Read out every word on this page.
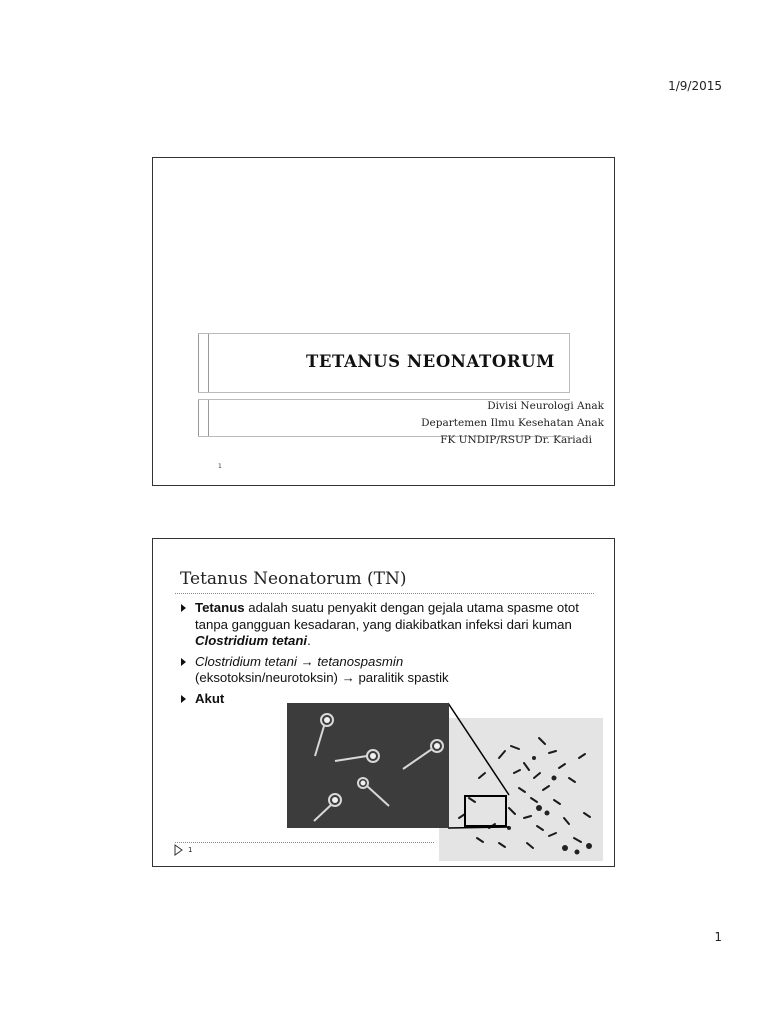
1/9/2015
TETANUS NEONATORUM
Divisi Neurologi Anak
Departemen Ilmu Kesehatan Anak
FK UNDIP/RSUP Dr. Kariadi
1
Tetanus Neonatorum (TN)
Tetanus adalah suatu penyakit dengan gejala utama spasme otot tanpa gangguan kesadaran, yang diakibatkan infeksi dari kuman Clostridium tetani.
Clostridium tetani → tetanospasmin
(eksotoksin/neurotoksin) → paralitik spastik
Akut
1
1
